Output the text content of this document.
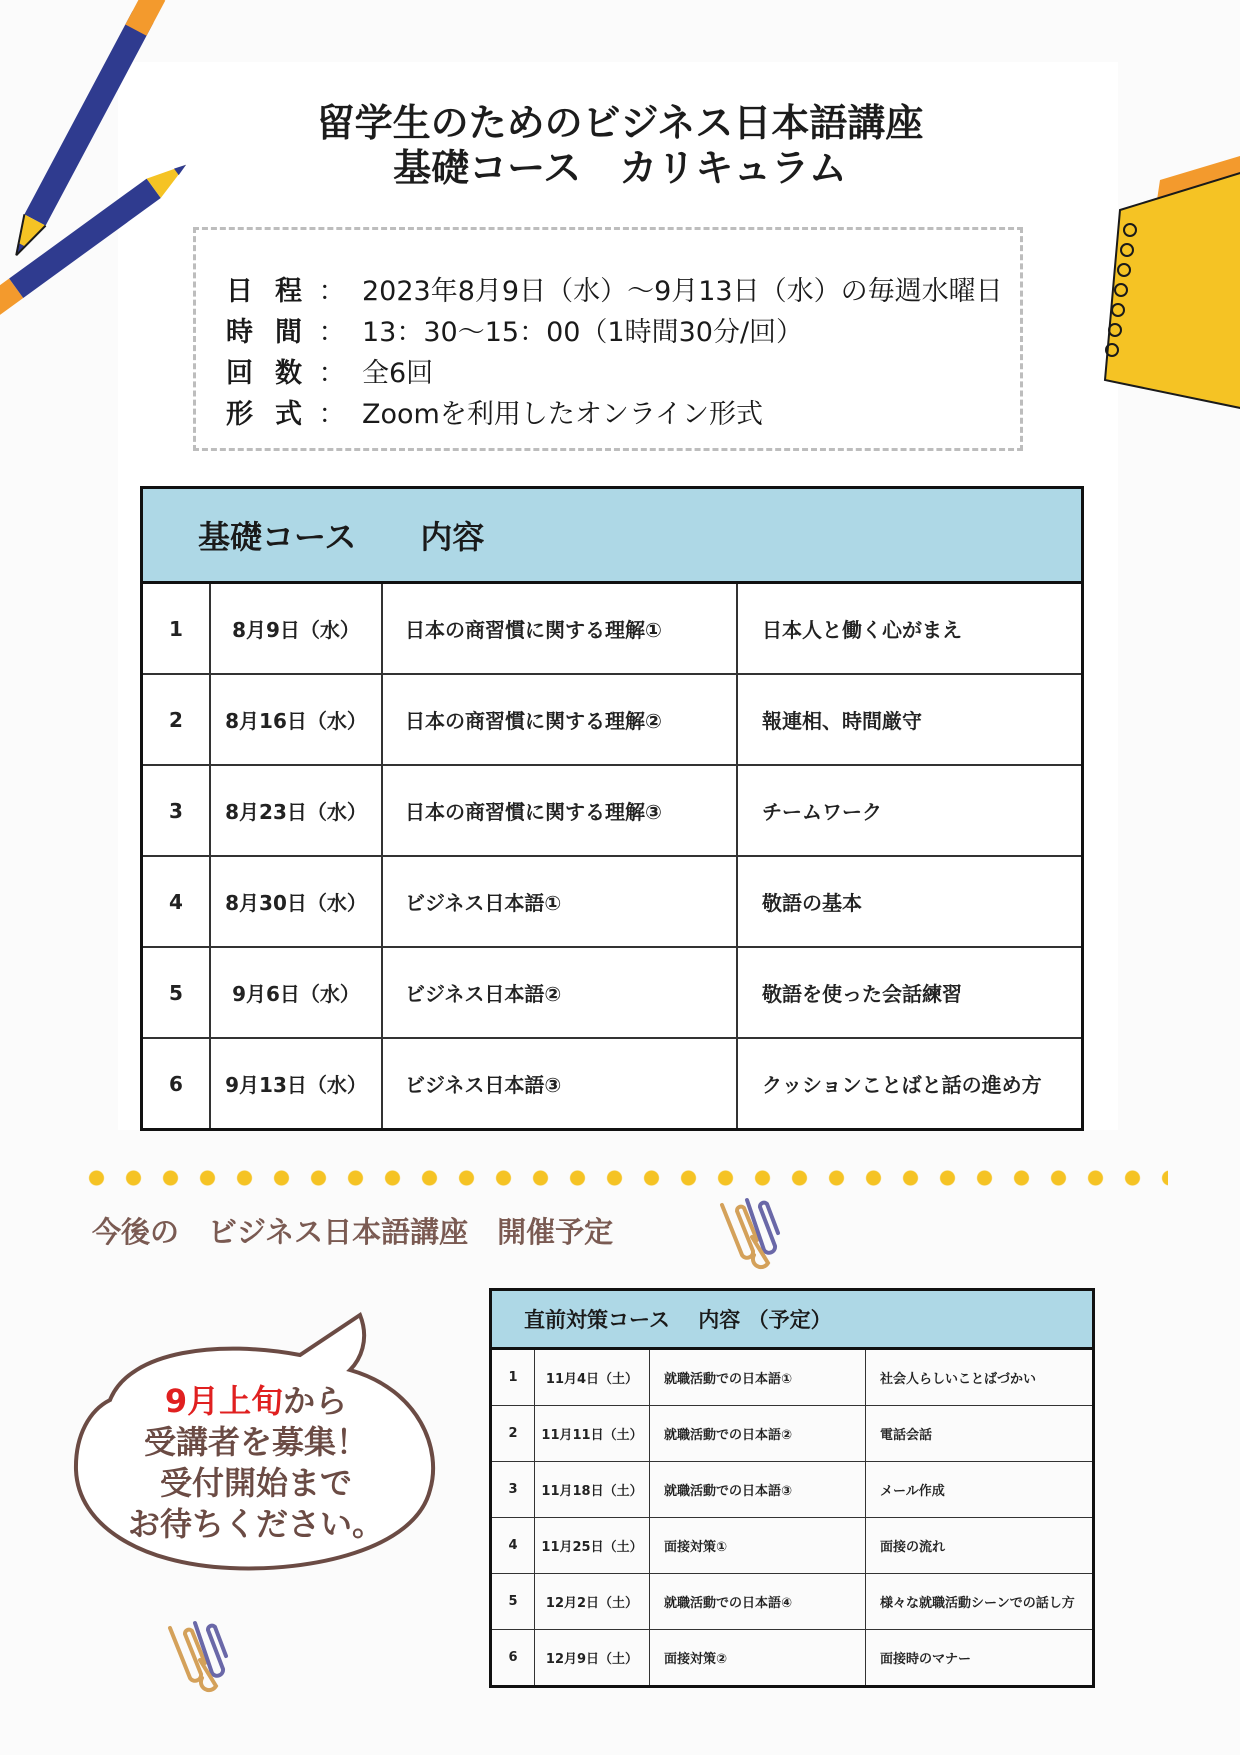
留学生のためのビジネス日本語講座
基礎コース　カリキュラム
日 程 ： 2023年8月9日（水）～9月13日（水）の毎週水曜日
時 間 ： 13：30～15：00（1時間30分/回）
回 数 ： 全6回
形 式 ： Zoomを利用したオンライン形式
基礎コース　　内容			
1	8月9日（水）	日本の商習慣に関する理解①	日本人と働く心がまえ
2	8月16日（水）	日本の商習慣に関する理解②	報連相、時間厳守
3	8月23日（水）	日本の商習慣に関する理解③	チームワーク
4	8月30日（水）	ビジネス日本語①	敬語の基本
5	9月6日（水）	ビジネス日本語②	敬語を使った会話練習
6	9月13日（水）	ビジネス日本語③	クッションことばと話の進め方
今後の　ビジネス日本語講座　開催予定
9月上旬から
受講者を募集！
受付開始まで
お待ちください。
直前対策コース　 内容 （予定）			
1	11月4日（土）	就職活動での日本語①	社会人らしいことばづかい
2	11月11日（土）	就職活動での日本語②	電話会話
3	11月18日（土）	就職活動での日本語③	メール作成
4	11月25日（土）	面接対策①	面接の流れ
5	12月2日（土）	就職活動での日本語④	様々な就職活動シーンでの話し方
6	12月9日（土）	面接対策②	面接時のマナー
